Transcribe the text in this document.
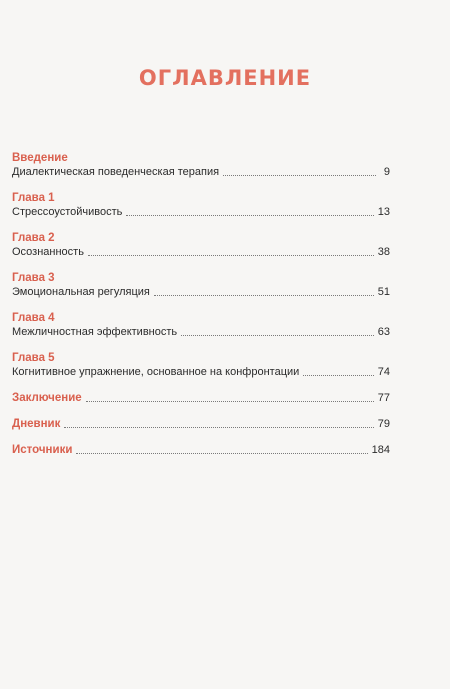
ОГЛАВЛЕНИЕ
Введение
Диалектическая поведенческая терапия	9
Глава 1
Стрессоустойчивость	13
Глава 2
Осознанность	38
Глава 3
Эмоциональная регуляция	51
Глава 4
Межличностная эффективность	63
Глава 5
Когнитивное упражнение, основанное на конфронтации	74
Заключение	77
Дневник	79
Источники	184
